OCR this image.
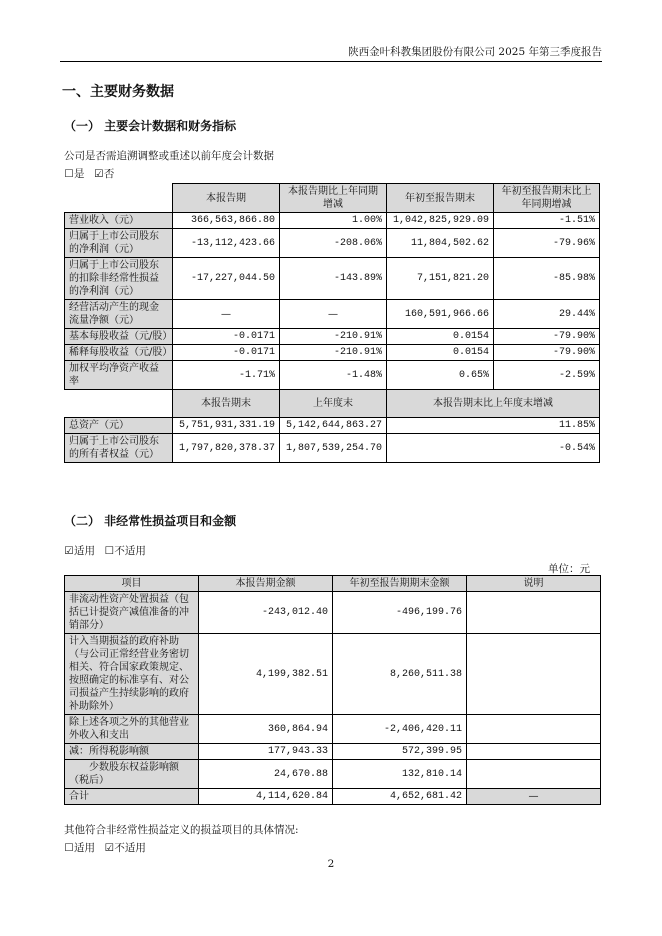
陕西金叶科教集团股份有限公司 2025 年第三季度报告
一、主要财务数据
（一） 主要会计数据和财务指标
公司是否需追溯调整或重述以前年度会计数据
☐是 ☑否
	本报告期	本报告期比上年同期增减	年初至报告期末	年初至报告期末比上年同期增减
营业收入（元）	366,563,866.80	1.00%	1,042,825,929.09	-1.51%
归属于上市公司股东的净利润（元）	-13,112,423.66	-208.06%	11,804,502.62	-79.96%
归属于上市公司股东的扣除非经常性损益的净利润（元）	-17,227,044.50	-143.89%	7,151,821.20	-85.98%
经营活动产生的现金流量净额（元）	—	—	160,591,966.66	29.44%
基本每股收益（元/股）	-0.0171	-210.91%	0.0154	-79.90%
稀释每股收益（元/股）	-0.0171	-210.91%	0.0154	-79.90%
加权平均净资产收益率	-1.71%	-1.48%	0.65%	-2.59%
	本报告期末	上年度末	本报告期末比上年度末增减	
总资产（元）	5,751,931,331.19	5,142,644,863.27	11.85%	
归属于上市公司股东的所有者权益（元）	1,797,820,378.37	1,807,539,254.70	-0.54%	
（二） 非经常性损益项目和金额
☑适用 ☐不适用
单位：元
项目	本报告期金额	年初至报告期期末金额	说明
非流动性资产处置损益（包括已计提资产减值准备的冲销部分）	-243,012.40	-496,199.76	
计入当期损益的政府补助（与公司正常经营业务密切相关、符合国家政策规定、按照确定的标准享有、对公司损益产生持续影响的政府补助除外）	4,199,382.51	8,260,511.38	
除上述各项之外的其他营业外收入和支出	360,864.94	-2,406,420.11	
减：所得税影响额	177,943.33	572,399.95	
　　少数股东权益影响额（税后）	24,670.88	132,810.14	
合计	4,114,620.84	4,652,681.42	—
其他符合非经常性损益定义的损益项目的具体情况:
☐适用 ☑不适用
2
